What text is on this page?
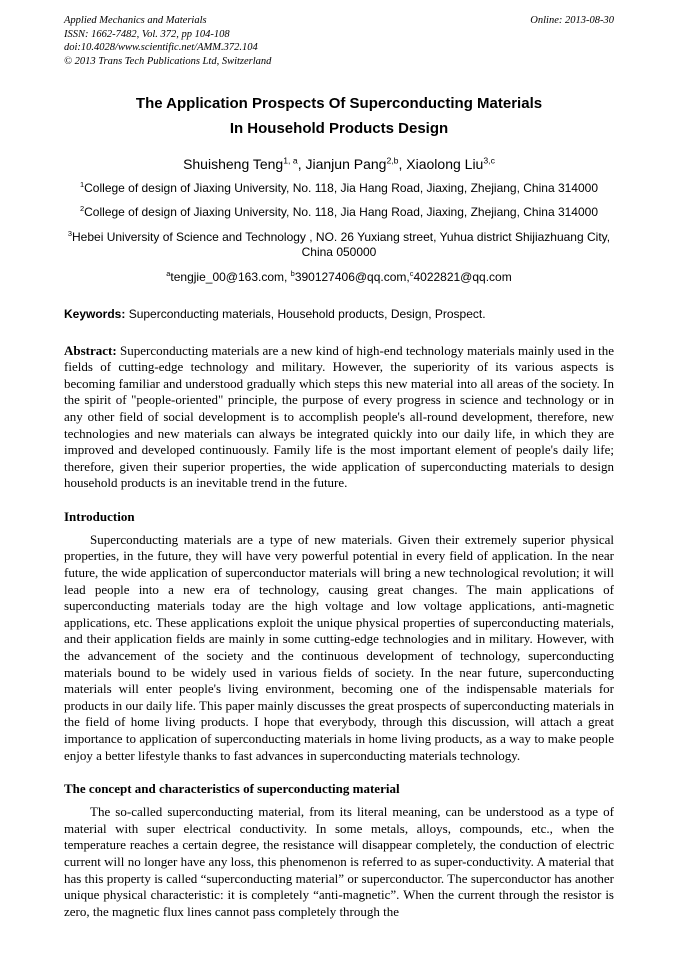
Applied Mechanics and Materials
ISSN: 1662-7482, Vol. 372, pp 104-108
doi:10.4028/www.scientific.net/AMM.372.104
© 2013 Trans Tech Publications Ltd, Switzerland
Online: 2013-08-30
The Application Prospects Of Superconducting Materials
In Household Products Design
Shuisheng Teng$^{1, a}$, Jianjun Pang$^{2,b}$, Xiaolong Liu$^{3,c}$
$^1$College of design of Jiaxing University, No. 118, Jia Hang Road, Jiaxing, Zhejiang, China 314000
$^2$College of design of Jiaxing University, No. 118, Jia Hang Road, Jiaxing, Zhejiang, China 314000
$^3$Hebei University of Science and Technology , NO. 26 Yuxiang street, Yuhua district Shijiazhuang City, China 050000
$^a$tengjie_00@163.com, $^b$390127406@qq.com,$^c$4022821@qq.com
Keywords: Superconducting materials, Household products, Design, Prospect.

Abstract: Superconducting materials are a new kind of high-end technology materials mainly used in the fields of cutting-edge technology and military. However, the superiority of its various aspects is becoming familiar and understood gradually which steps this new material into all areas of the society. In the spirit of "people-oriented" principle, the purpose of every progress in science and technology or in any other field of social development is to accomplish people's all-round development, therefore, new technologies and new materials can always be integrated quickly into our daily life, in which they are improved and developed continuously. Family life is the most important element of people's daily life; therefore, given their superior properties, the wide application of superconducting materials to design household products is an inevitable trend in the future.

Introduction

Superconducting materials are a type of new materials. Given their extremely superior physical properties, in the future, they will have very powerful potential in every field of application. In the near future, the wide application of superconductor materials will bring a new technological revolution; it will lead people into a new era of technology, causing great changes. The main applications of superconducting materials today are the high voltage and low voltage applications, anti-magnetic applications, etc. These applications exploit the unique physical properties of superconducting materials, and their application fields are mainly in some cutting-edge technologies and in military. However, with the advancement of the society and the continuous development of technology, superconducting materials bound to be widely used in various fields of society. In the near future, superconducting materials will enter people's living environment, becoming one of the indispensable materials for products in our daily life. This paper mainly discusses the great prospects of superconducting materials in the field of home living products. I hope that everybody, through this discussion, will attach a great importance to application of superconducting materials in home living products, as a way to make people enjoy a better lifestyle thanks to fast advances in superconducting materials technology.

The concept and characteristics of superconducting material

The so-called superconducting material, from its literal meaning, can be understood as a type of material with super electrical conductivity. In some metals, alloys, compounds, etc., when the temperature reaches a certain degree, the resistance will disappear completely, the conduction of electric current will no longer have any loss, this phenomenon is referred to as super-conductivity. A material that has this property is called “superconducting material” or superconductor. The superconductor has another unique physical characteristic: it is completely “anti-magnetic”. When the current through the resistor is zero, the magnetic flux lines cannot pass completely through the
